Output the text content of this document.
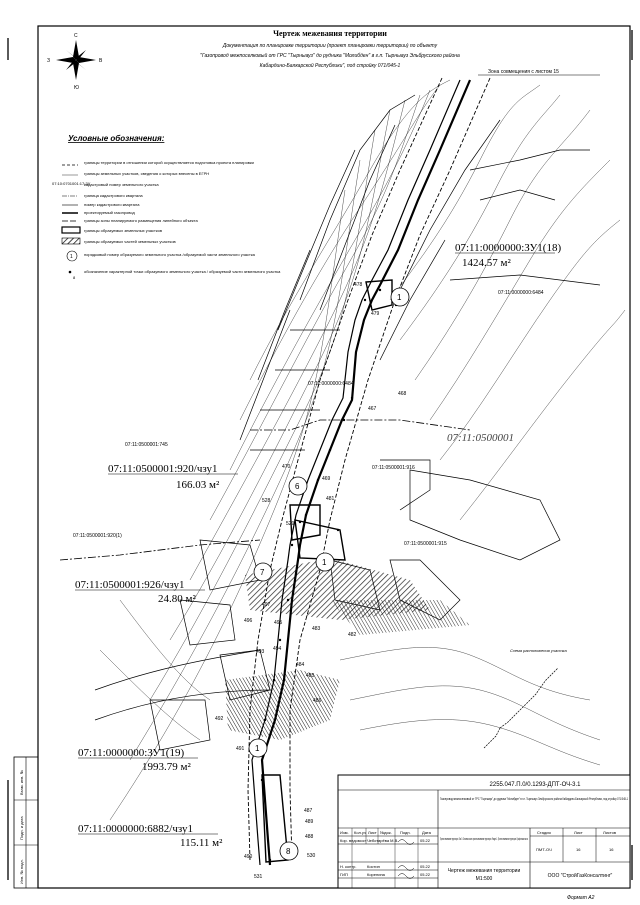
Взам. инв. №
Подп. и дата
Инв. № подл.
Чертеж межевания территории
Документация по планировке территории (проект планировки территории) по объекту
"Газопровод межпоселковый от ГРС "Тырныауз" до рудника "Молибден" в г.п. Тырныауз Эльбрусского района
Кабардино-Балкарской Республики", под стройку 071/045-1
С
Ю
З	В
Условные обозначения:
07:10:0701001:17:ЗУ
1
8
границы территории в отношении которой осуществляется подготовка проекта планировки
границы земельных участков, сведения о которых внесены в ЕГРН
кадастровый номер земельного участка
граница кадастрового квартала
номер кадастрового квартала
проектируемый газопровод
границы зоны планируемого размещения линейного объекта
границы образуемых земельных участков
границы образуемых частей земельных участков
порядковый номер образуемого земельного участка /образуемой части земельного участка
обозначение характерной точки образуемого земельного участка / образуемой части земельного участка
Зона совмещения с листом 15
470
469
468
467
529
528
497
496	495
494
493
489
488
487
490
492
491
484
485
486
482
483
481
479
478
531
530
07:11:0000000:ЗУ1(18)
1424.57 м²
07:11:0000000:6484
07:11:0000000:6484
07:11:0500001:745
07:11:0500001:920/чзу1
166.03 м²
07:11:0500001:916
07:11:0500001:920(1)
07:11:0500001:915
07:11:0500001:926/чзу1
24.80 м²
07:11:0000000:ЗУ1(19)
1993.79 м²
07:11:0000000:6882/чзу1
115.11 м²
07:11:0500001
1
6
1
7
1
8
Схема расположения участка
2255.047.П.0/0.1293-ДПТ-ОЧ-3.1
Газопровод межпоселковый от ГРС "Тырныауз" до рудника "Молибден" в г.п. Тырныауз Эльбрусского района Кабардино-Балкарской Республики, под стройку 071/045-1
Проект межевания территории. Том 3. Основная часть проекта межевания территории. Раздел 1. Проект межевания территории. Графическая часть
Изм. Кол.уч Лист №док. Подп.	Дата
Кор. ведомост Чеботарёва М.В.	05.22
Н. контр.	Костин	05.22
ГИП	Коренина	05.22
Стадия	Лист	Листов
ПМТ-ОЧ	16	16
Чертеж межевания территории
М1:500	ООО "СтройГазКонсалтинг"
Формат А2
